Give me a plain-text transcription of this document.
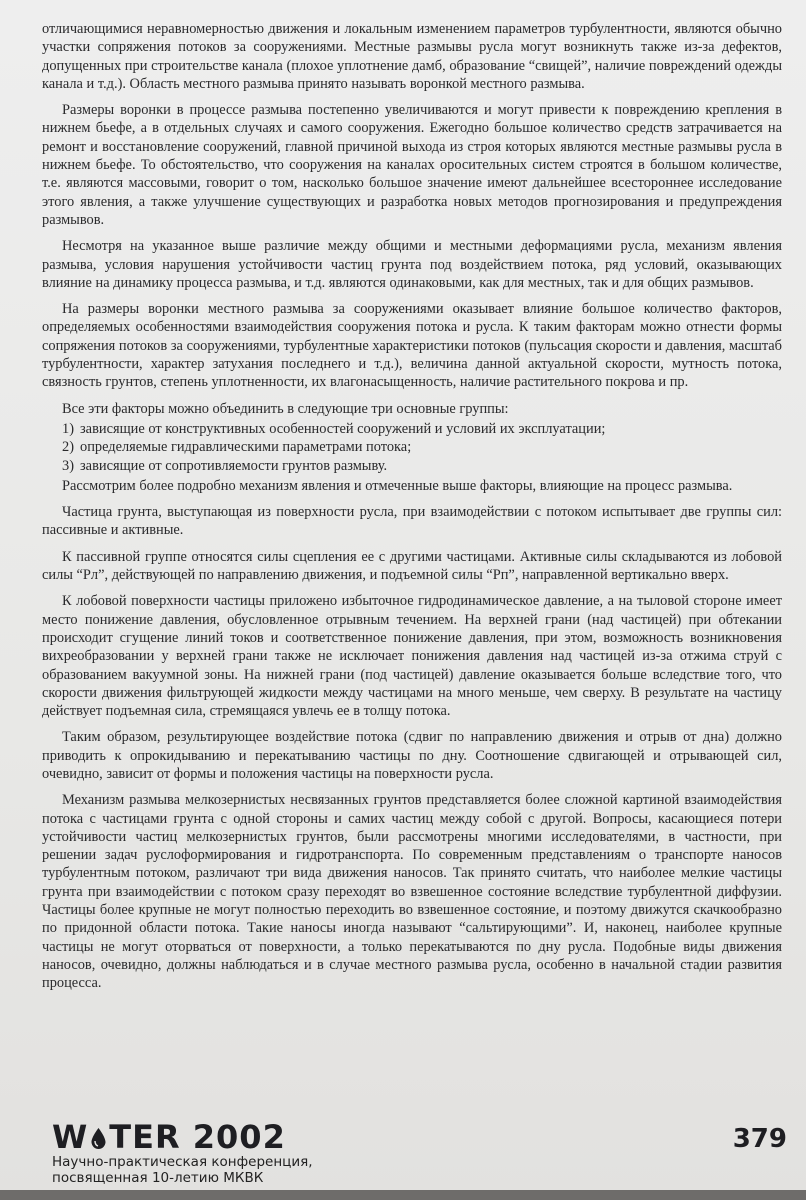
отличающимися неравномерностью движения и локальным изменением параметров турбулентности, являются обычно участки сопряжения потоков за сооружениями. Местные размывы русла могут возникнуть также из-за дефектов, допущенных при строительстве канала (плохое уплотнение дамб, образование “свищей”, наличие повреждений одежды канала и т.д.). Область местного размыва принято называть воронкой местного размыва.

Размеры воронки в процессе размыва постепенно увеличиваются и могут привести к повреждению крепления в нижнем бьефе, а в отдельных случаях и самого сооружения. Ежегодно большое количество средств затрачивается на ремонт и восстановление сооружений, главной причиной выхода из строя которых являются местные размывы русла в нижнем бьефе. То обстоятельство, что сооружения на каналах оросительных систем строятся в большом количестве, т.е. являются массовыми, говорит о том, насколько большое значение имеют дальнейшее всестороннее исследование этого явления, а также улучшение существующих и разработка новых методов прогнозирования и предупреждения размывов.

Несмотря на указанное выше различие между общими и местными деформациями русла, механизм явления размыва, условия нарушения устойчивости частиц грунта под воздействием потока, ряд условий, оказывающих влияние на динамику процесса размыва, и т.д. являются одинаковыми, как для местных, так и для общих размывов.

На размеры воронки местного размыва за сооружениями оказывает влияние большое количество факторов, определяемых особенностями взаимодействия сооружения потока и русла. К таким факторам можно отнести формы сопряжения потоков за сооружениями, турбулентные характеристики потоков (пульсация скорости и давления, масштаб турбулентности, характер затухания последнего и т.д.), величина данной актуальной скорости, мутность потока, связность грунтов, степень уплотненности, их влагонасыщенность, наличие растительного покрова и пр.

Все эти факторы можно объединить в следующие три основные группы:

1) зависящие от конструктивных особенностей сооружений и условий их эксплуатации;
2) определяемые гидравлическими параметрами потока;
3) зависящие от сопротивляемости грунтов размыву.

Рассмотрим более подробно механизм явления и отмеченные выше факторы, влияющие на процесс размыва.

Частица грунта, выступающая из поверхности русла, при взаимодействии с потоком испытывает две группы сил: пассивные и активные.

К пассивной группе относятся силы сцепления ее с другими частицами. Активные силы складываются из лобовой силы “Рл”, действующей по направлению движения, и подъемной силы “Рп”, направленной вертикально вверх.

К лобовой поверхности частицы приложено избыточное гидродинамическое давление, а на тыловой стороне имеет место понижение давления, обусловленное отрывным течением. На верхней грани (над частицей) при обтекании происходит сгущение линий токов и соответственное понижение давления, при этом, возможность возникновения вихреобразовании у верхней грани также не исключает понижения давления над частицей из-за отжима струй с образованием вакуумной зоны. На нижней грани (под частицей) давление оказывается больше вследствие того, что скорости движения фильтрующей жидкости между частицами на много меньше, чем сверху. В результате на частицу действует подъемная сила, стремящаяся увлечь ее в толщу потока.

Таким образом, результирующее воздействие потока (сдвиг по направлению движения и отрыв от дна) должно приводить к опрокидыванию и перекатыванию частицы по дну. Соотношение сдвигающей и отрывающей сил, очевидно, зависит от формы и положения частицы на поверхности русла.

Механизм размыва мелкозернистых несвязанных грунтов представляется более сложной картиной взаимодействия потока с частицами грунта с одной стороны и самих частиц между собой с другой. Вопросы, касающиеся потери устойчивости частиц мелкозернистых грунтов, были рассмотрены многими исследователями, в частности, при решении задач руслоформирования и гидротранспорта. По современным представлениям о транспорте наносов турбулентным потоком, различают три вида движения наносов. Так принято считать, что наиболее мелкие частицы грунта при взаимодействии с потоком сразу переходят во взвешенное состояние вследствие турбулентной диффузии. Частицы более крупные не могут полностью переходить во взвешенное состояние, и поэтому движутся скачкообразно по придонной области потока. Такие наносы иногда называют “сальтирующими”. И, наконец, наиболее крупные частицы не могут оторваться от поверхности, а только перекатываются по дну русла. Подобные виды движения наносов, очевидно, должны наблюдаться и в случае местного размыва русла, особенно в начальной стадии развития процесса.

W TER 2002
Научно-практическая конференция,
посвященная 10-летию МКВК
379
